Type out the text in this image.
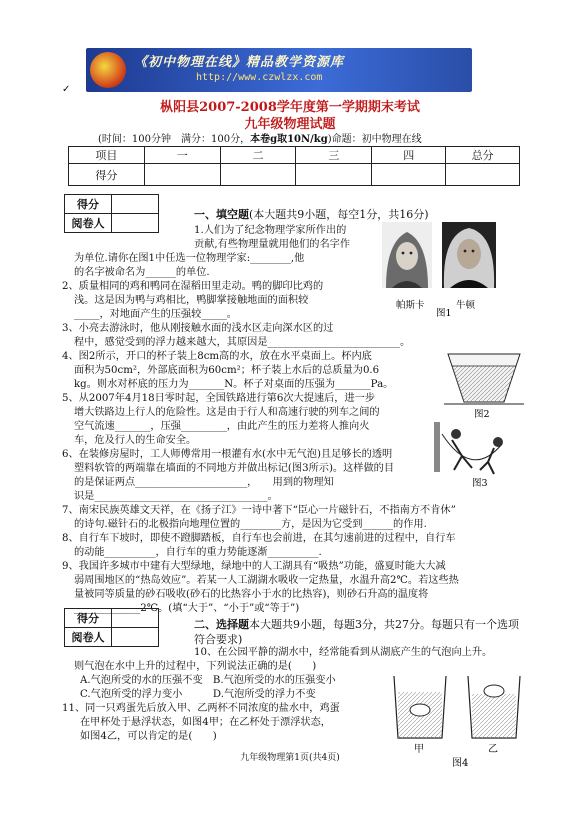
《初中物理在线》精品教学资源库
http://www.czwlzx.com
✓
枞阳县2007-2008学年度第一学期期末考试
九年级物理试题
(时间：100分钟　满分：100分，本卷g取10N/kg)命题：初中物理在线
项目	一	二	三	四	总分
得分					
得分	
阅卷人	
一、填空题(本大题共9小题，每空1分，共16分)
帕斯卡	牛顿
图1
图2
图3
1.人们为了纪念物理学家所作出的
贡献,有些物理量就用他们的名字作
为单位.请你在图1中任选一位物理学家:________,他
的名字被命名为______的单位.
2、质量相同的鸡和鸭同在湿稻田里走动。鸭的脚印比鸡的
浅。这是因为鸭与鸡相比，鸭脚掌接触地面的面积较
_____，对地面产生的压强较_____。
3、小亮去游泳时，他从刚接触水面的浅水区走向深水区的过
程中，感觉受到的浮力越来越大，其原因是__________________________。
4、图2所示，开口的杯子装上8cm高的水，放在水平桌面上。杯内底
面积为50cm²，外部底面积为60cm²；杯子装上水后的总质量为0.6
kg。则水对杯底的压力为_______N。杯子对桌面的压强为_______Pa。
5、从2007年4月18日零时起，全国铁路进行第6次大提速后，进一步
增大铁路边上行人的危险性。这是由于行人和高速行驶的列车之间的
空气流速_______，压强_________，由此产生的压力差将人推向火
车，危及行人的生命安全。
6、在装修房屋时，工人师傅常用一根灌有水(水中无气泡)且足够长的透明
塑料软管的两端靠在墙面的不同地方并做出标记(图3所示)。这样做的目
的是保证两点______________________，　　用到的物理知
识是__________________________________。
7、南宋民族英雄文天祥，在《扬子江》一诗中著下“臣心一片磁针石，不指南方不肯休”
的诗句.磁针石的北极指向地理位置的________方，是因为它受到______的作用.
8、自行车下坡时，即使不蹬脚踏板，自行车也会前进，在其匀速前进的过程中，自行车
的动能__________，自行车的重力势能逐渐__________.
9、我国许多城市中建有大型绿地，绿地中的人工湖具有“吸热”功能，盛夏时能大大减
弱周围地区的“热岛效应”。若某一人工湖湖水吸收一定热量，水温升高2℃。若这些热
量被同等质量的砂石吸收(砂石的比热容小于水的比热容)，则砂石升高的温度将
_____________2℃。(填“大于”、“小于”或“等于”)
10、在公园平静的湖水中，经常能看到从湖底产生的气泡向上升。
则气泡在水中上升的过程中，下列说法正确的是(　　)
A.气泡所受的水的压强不变　B.气泡所受的水的压强变小
C.气泡所受的浮力变小　　　D.气泡所受的浮力不变
11、同一只鸡蛋先后放入甲、乙两杯不同浓度的盐水中，鸡蛋
在甲杯处于悬浮状态，如图4甲；在乙杯处于漂浮状态，
如图4乙，可以肯定的是(　　)
得分	
阅卷人	
二、选择题本大题共9小题，每题3分，共27分。每题只有一个选项符合要求)
甲	乙
图4
九年级物理第1页(共4页)
